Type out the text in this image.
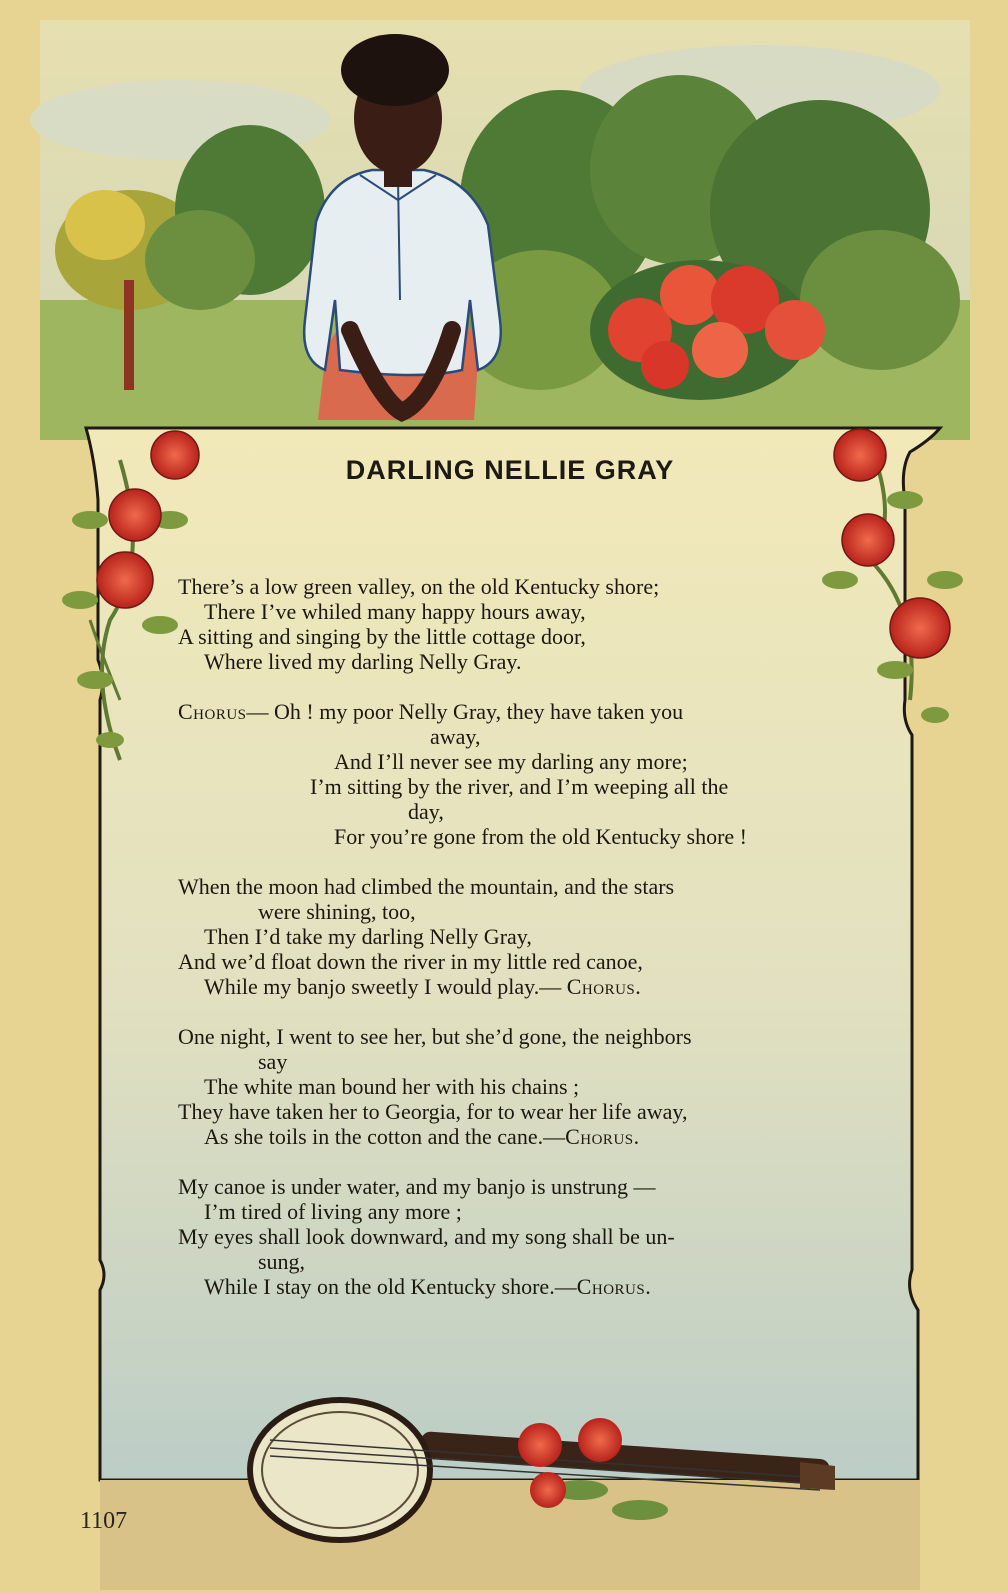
DARLING NELLIE GRAY
There’s a low green valley, on the old Kentucky shore;
There I’ve whiled many happy hours away,
A sitting and singing by the little cottage door,
Where lived my darling Nelly Gray.
Chorus— Oh ! my poor Nelly Gray, they have taken you
away,
And I’ll never see my darling any more;
I’m sitting by the river, and I’m weeping all the
day,
For you’re gone from the old Kentucky shore !
When the moon had climbed the mountain, and the stars
were shining, too,
Then I’d take my darling Nelly Gray,
And we’d float down the river in my little red canoe,
While my banjo sweetly I would play.— Chorus.
One night, I went to see her, but she’d gone, the neighbors
say
The white man bound her with his chains ;
They have taken her to Georgia, for to wear her life away,
As she toils in the cotton and the cane.—Chorus.
My canoe is under water, and my banjo is unstrung —
I’m tired of living any more ;
My eyes shall look downward, and my song shall be un-
sung,
While I stay on the old Kentucky shore.—Chorus.
1107
